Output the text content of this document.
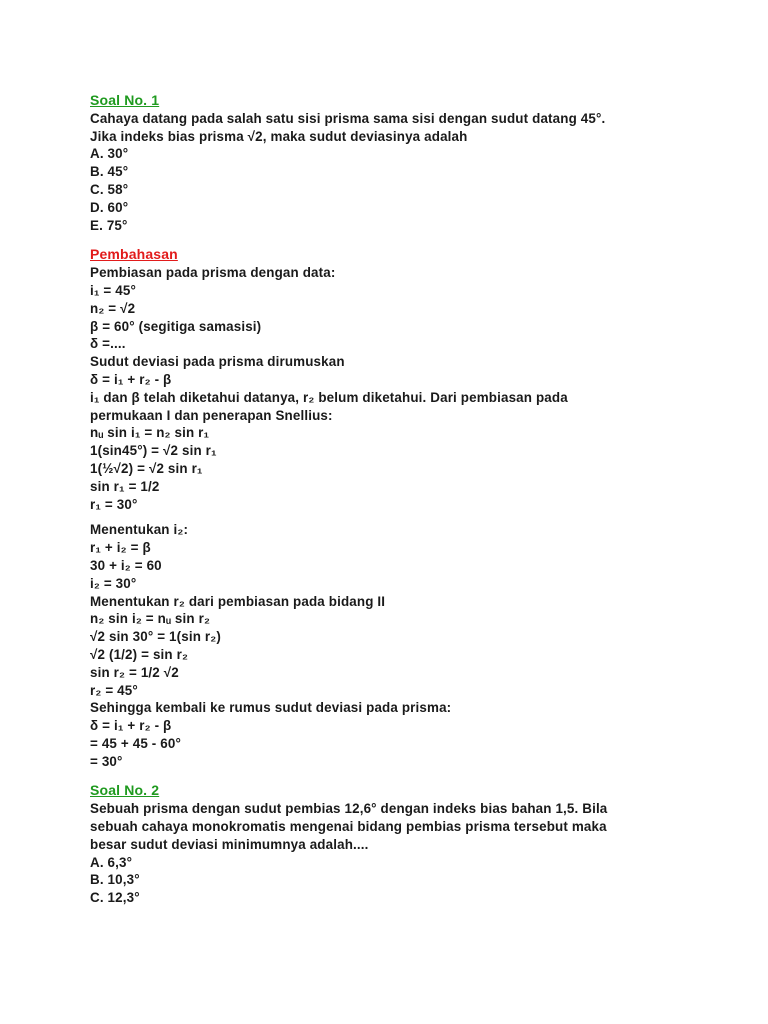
Soal No. 1
Cahaya datang pada salah satu sisi prisma sama sisi dengan sudut datang 45°.
Jika indeks bias prisma √2, maka sudut deviasinya adalah
A. 30°
B. 45°
C. 58°
D. 60°
E. 75°
Pembahasan
Pembiasan pada prisma dengan data:
i₁ = 45°
n₂ = √2
β = 60° (segitiga samasisi)
δ =....
Sudut deviasi pada prisma dirumuskan
δ = i₁ + r₂ - β
i₁ dan β telah diketahui datanya, r₂ belum diketahui. Dari pembiasan pada
permukaan I dan penerapan Snellius:
nᵤ sin i₁ = n₂ sin r₁
1(sin45°) = √2 sin r₁
1(½√2) = √2 sin r₁
sin r₁ = 1/2
r₁ = 30°
Menentukan i₂:
r₁ + i₂ = β
30 + i₂ = 60
i₂ = 30°
Menentukan r₂ dari pembiasan pada bidang II
n₂ sin i₂ = nᵤ sin r₂
√2 sin 30° = 1(sin r₂)
√2 (1/2) = sin r₂
sin r₂ = 1/2 √2
r₂ = 45°
Sehingga kembali ke rumus sudut deviasi pada prisma:
δ = i₁ + r₂ - β
= 45 + 45 - 60°
= 30°
Soal No. 2
Sebuah prisma dengan sudut pembias 12,6° dengan indeks bias bahan 1,5. Bila
sebuah cahaya monokromatis mengenai bidang pembias prisma tersebut maka
besar sudut deviasi minimumnya adalah....
A. 6,3°
B. 10,3°
C. 12,3°
